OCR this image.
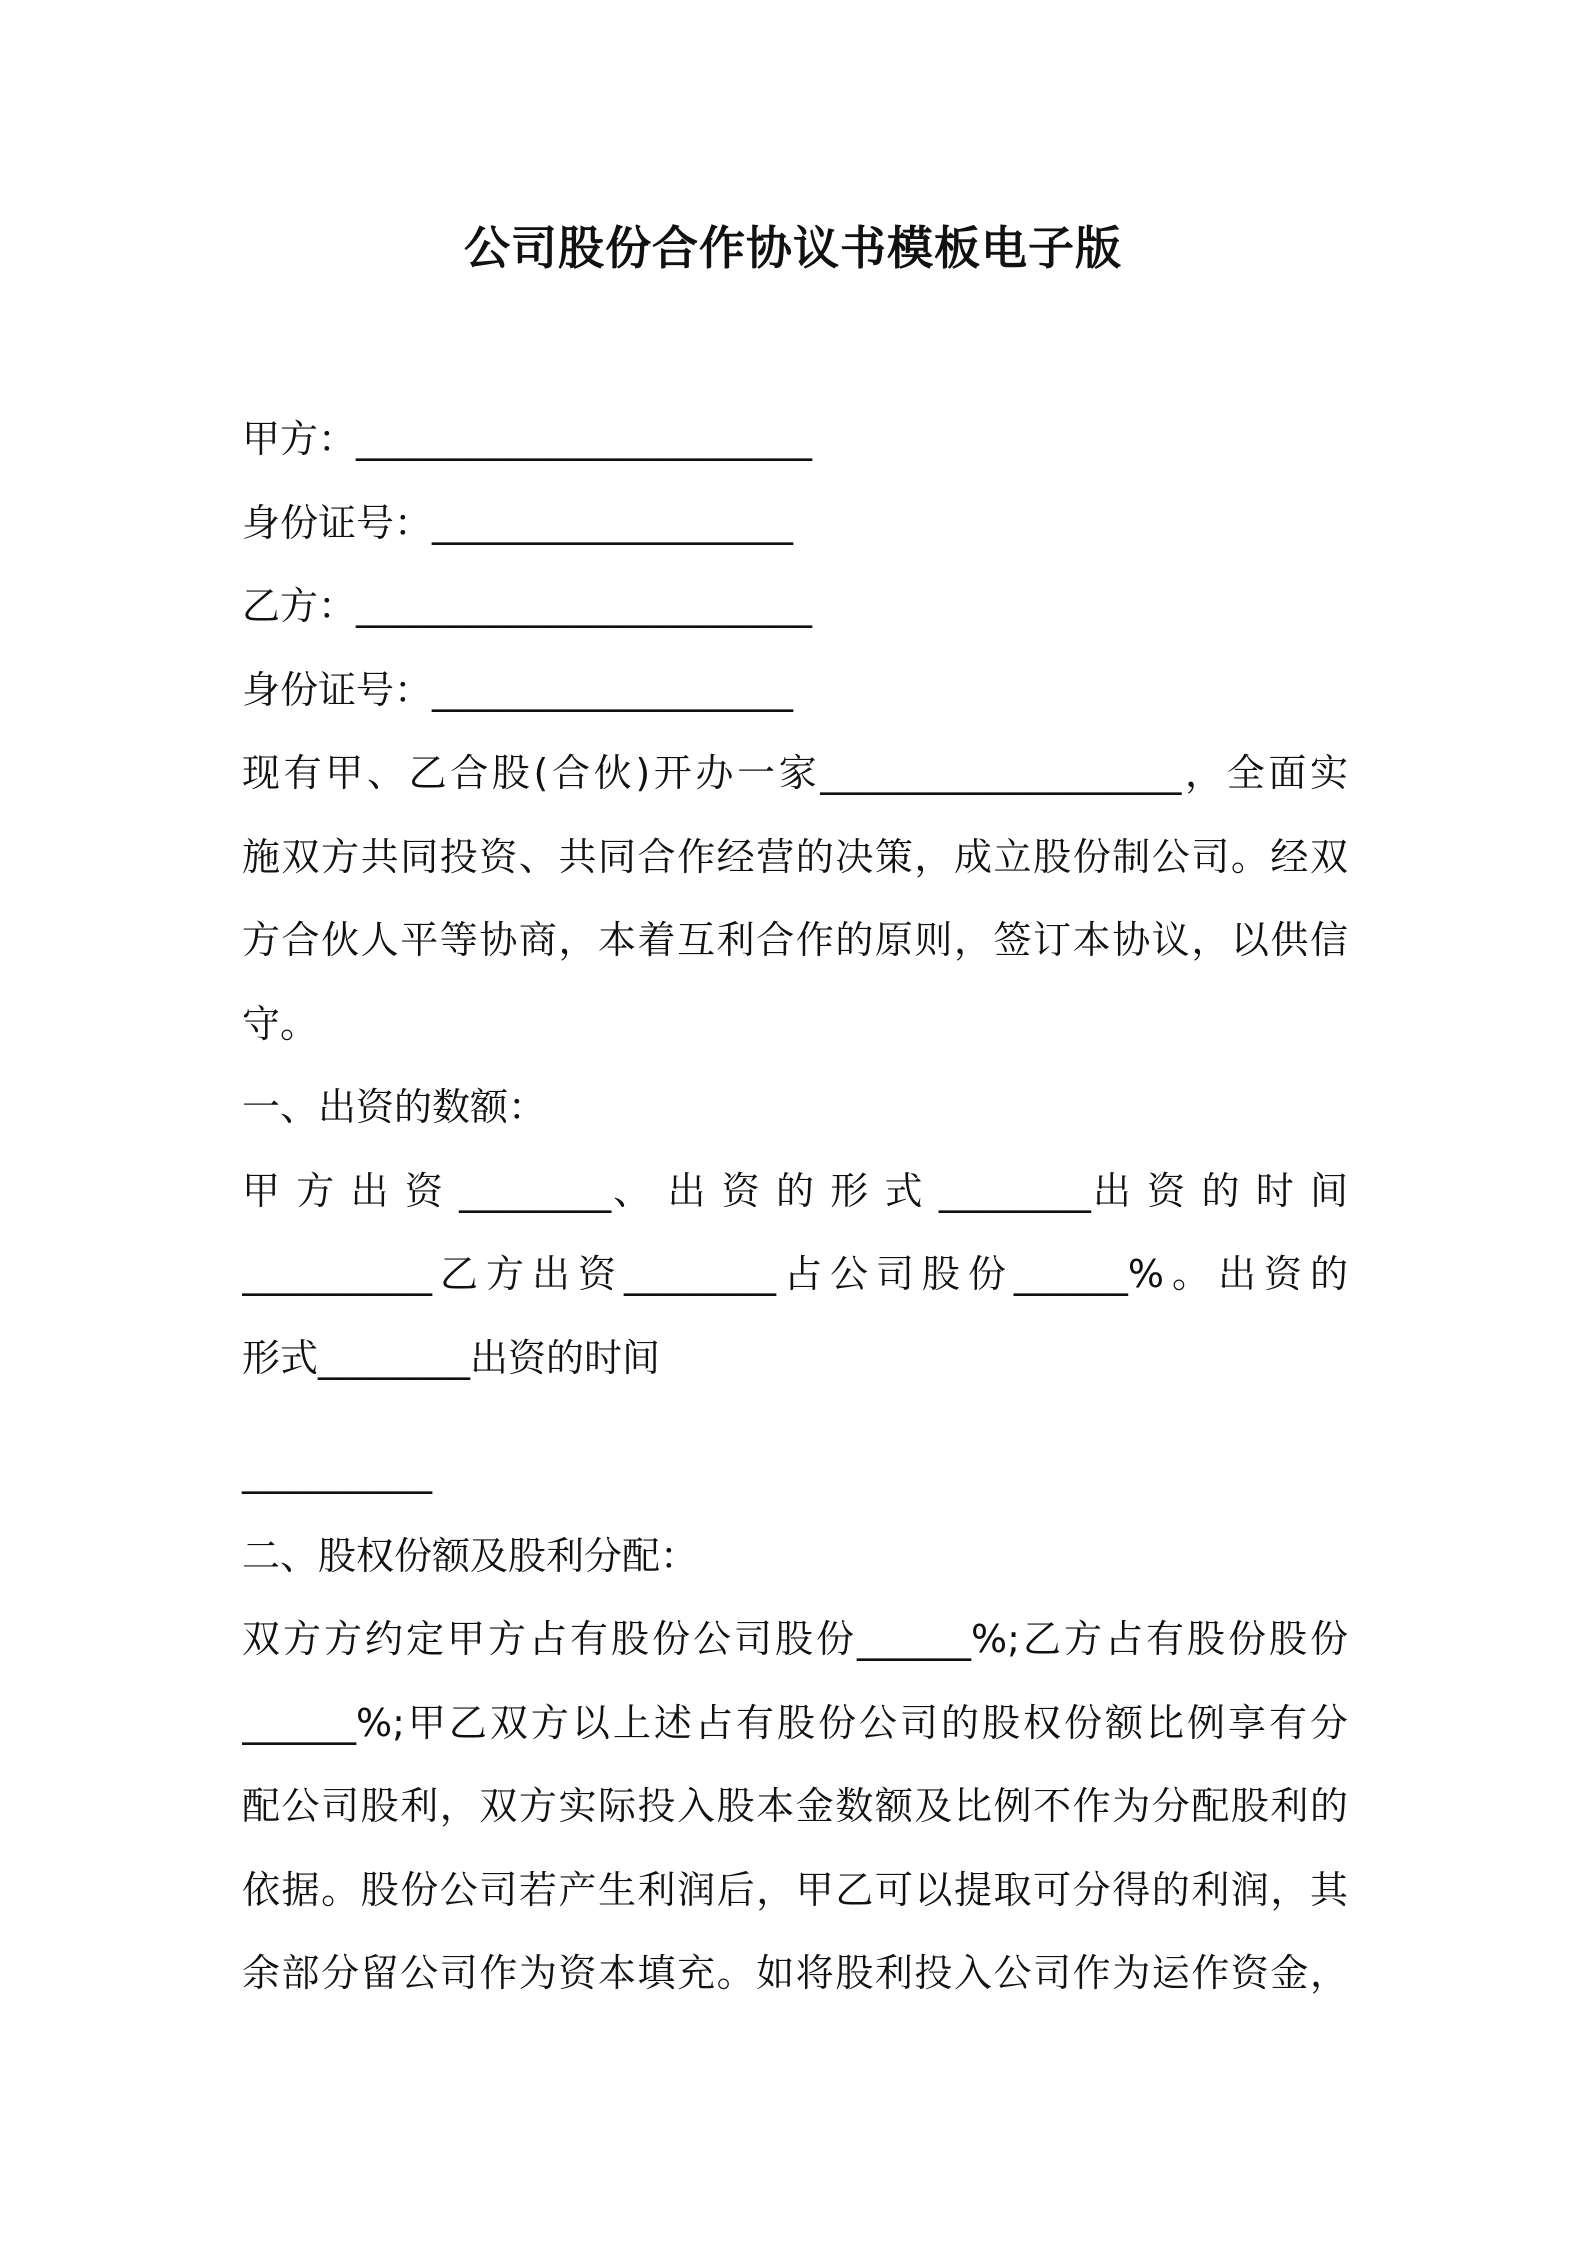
公司股份合作协议书模板电子版
甲方：________________________
身份证号：___________________
乙方：________________________
身份证号：___________________
现有甲、乙合股(合伙)开办一家___________________，全面实
施双方共同投资、共同合作经营的决策，成立股份制公司。经双
方合伙人平等协商，本着互利合作的原则，签订本协议，以供信
守。
一、出资的数额：
甲 方 出 资 ________、 出 资 的 形 式 ________出 资 的 时 间
__________乙方出资________占公司股份______%。出资的
形式________出资的时间
__________
二、股权份额及股利分配：
双方方约定甲方占有股份公司股份______%;乙方占有股份股份
______%;甲乙双方以上述占有股份公司的股权份额比例享有分
配公司股利，双方实际投入股本金数额及比例不作为分配股利的
依据。股份公司若产生利润后，甲乙可以提取可分得的利润，其
余部分留公司作为资本填充。如将股利投入公司作为运作资金，
